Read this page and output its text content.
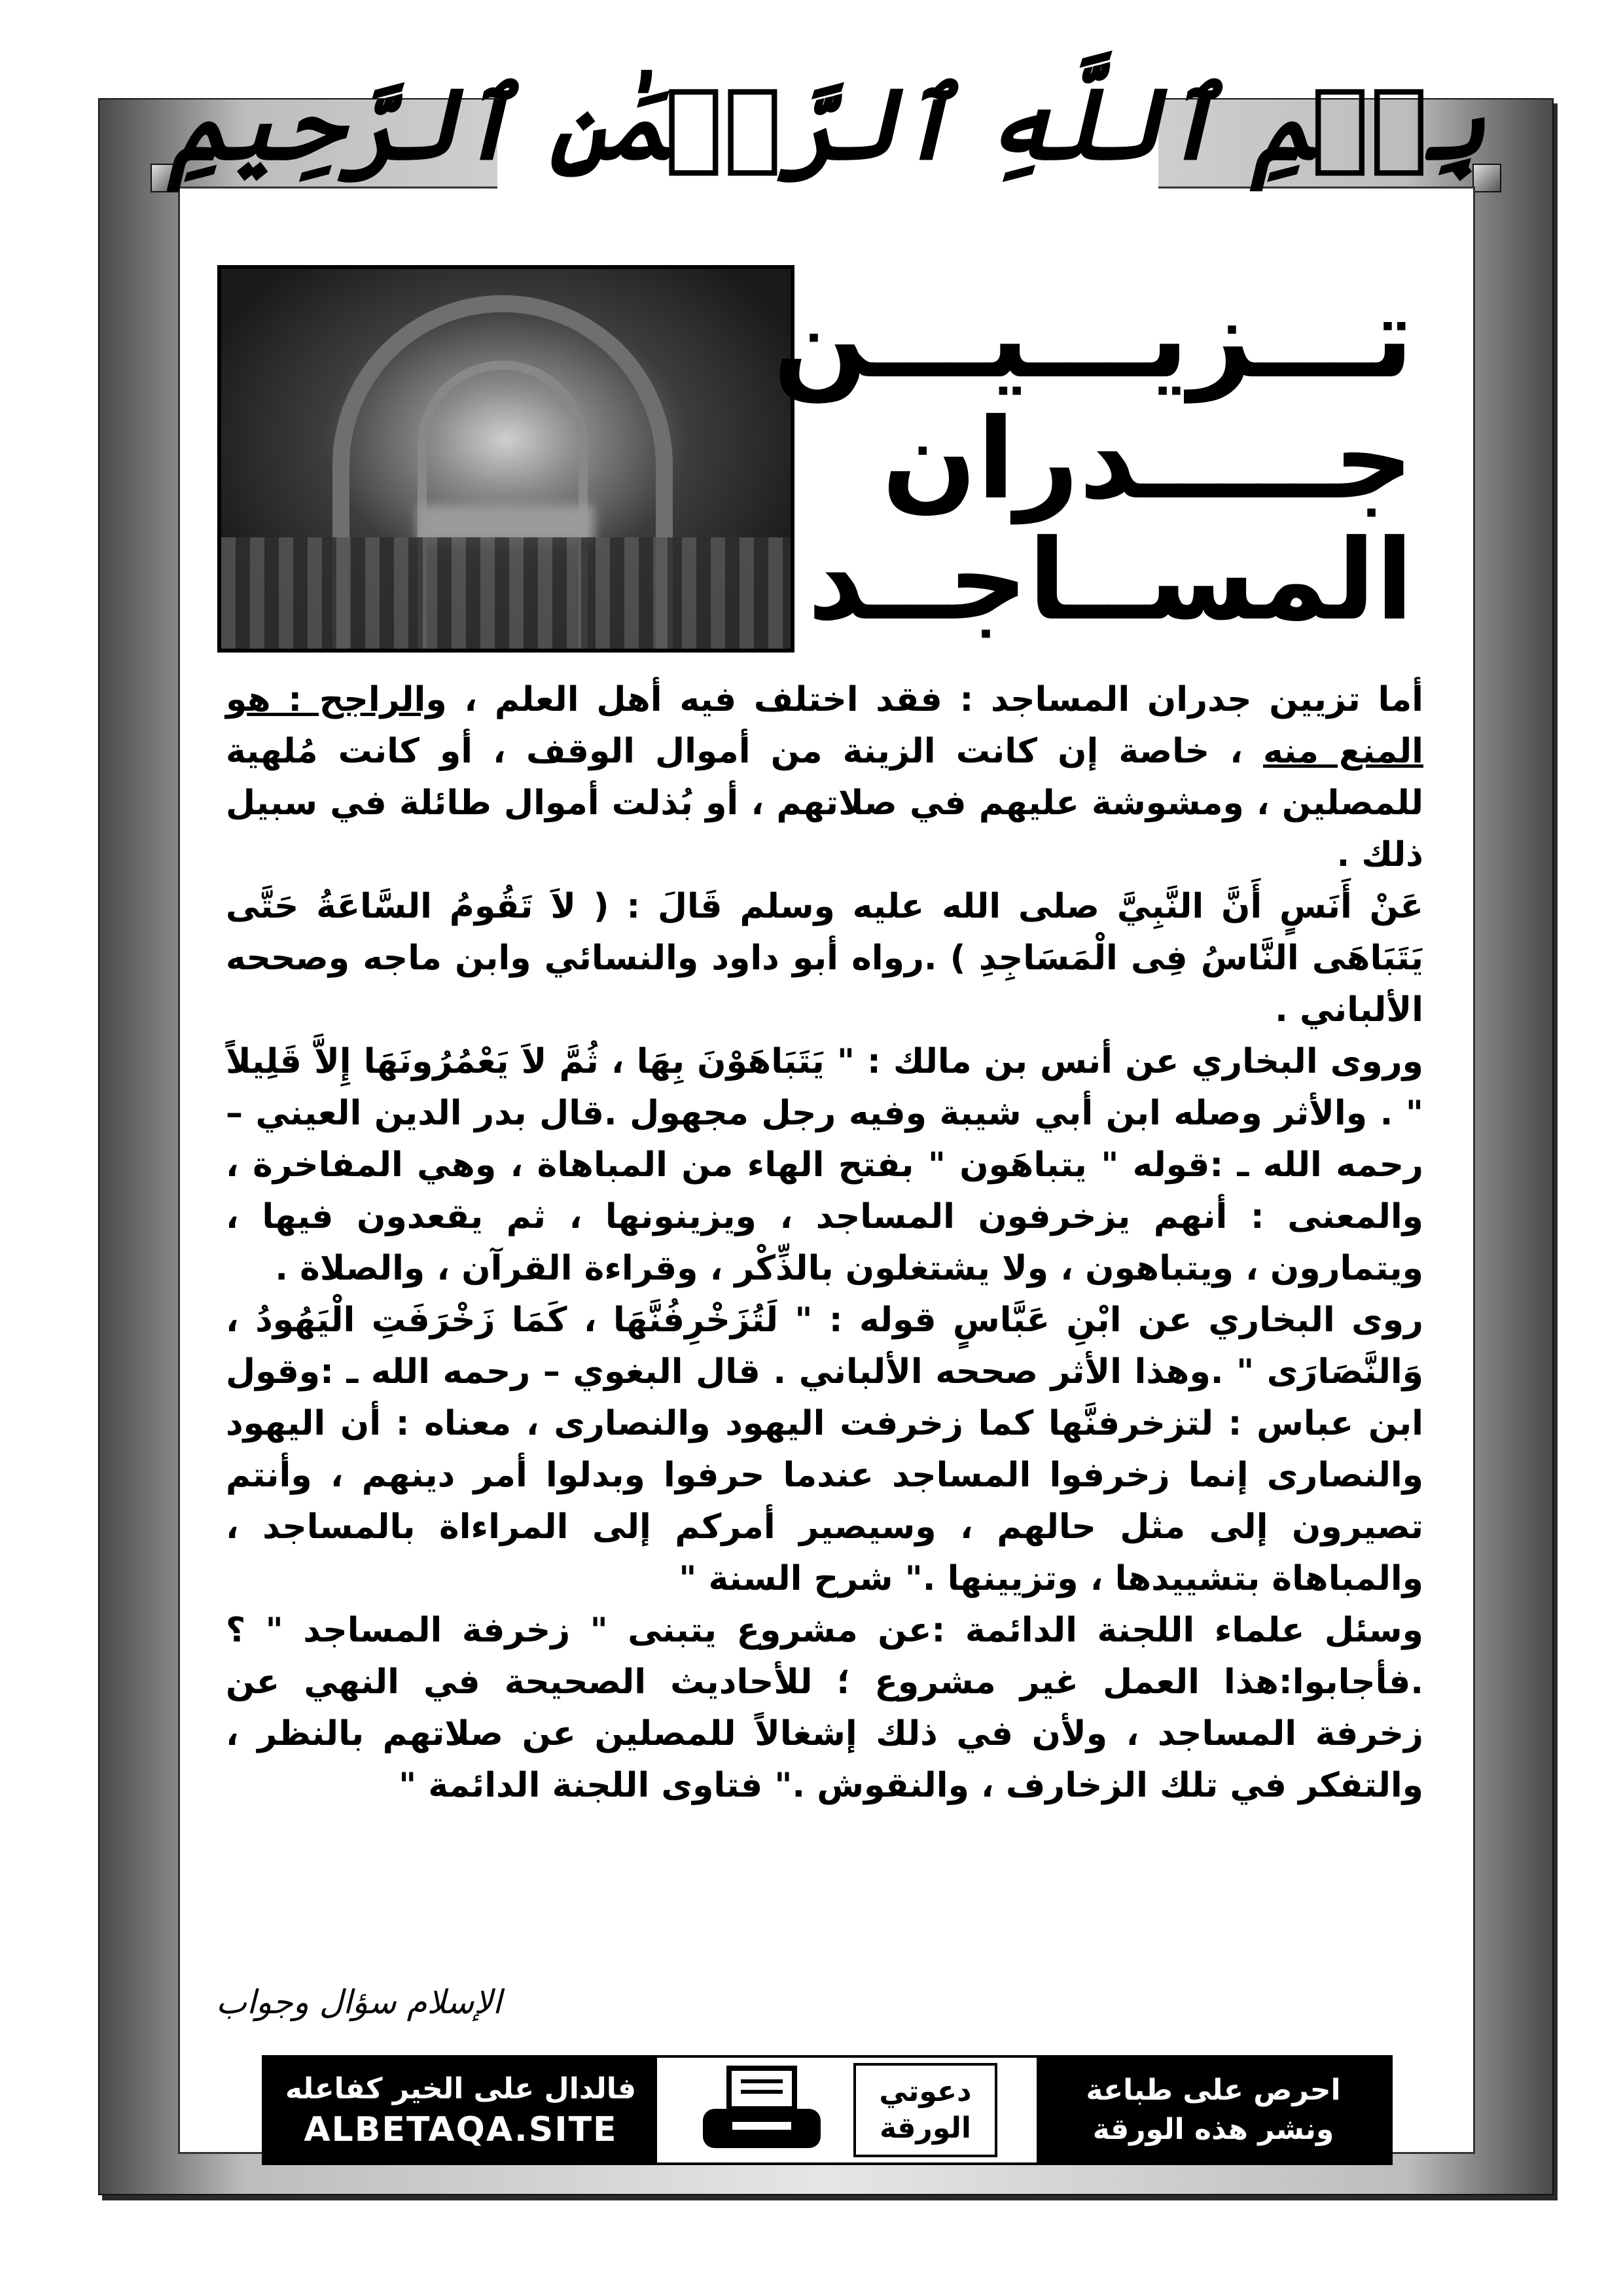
بِسۡمِ ٱللَّهِ ٱلرَّحۡمَٰنِ ٱلرَّحِيمِ
تـــزيـــيـــن
جـــــدران
المســاجــد

أما تزيين جدران المساجد : فقد اختلف فيه أهل العلم ، والراجح : هو المنع منه ، خاصة إن كانت الزينة من أموال الوقف ، أو كانت مُلهية للمصلين ، ومشوشة عليهم في صلاتهم ، أو بُذلت أموال طائلة في سبيل ذلك .

عَنْ أَنَسٍ أَنَّ النَّبِيَّ صلى الله عليه وسلم قَالَ : ( لاَ تَقُومُ السَّاعَةُ حَتَّى يَتَبَاهَى النَّاسُ فِى الْمَسَاجِدِ ) .رواه أبو داود والنسائي وابن ماجه وصححه الألباني .

وروى البخاري عن أنس بن مالك : " يَتَبَاهَوْنَ بِهَا ، ثُمَّ لاَ يَعْمُرُونَهَا إِلاَّ قَلِيلاً " . والأثر وصله ابن أبي شيبة وفيه رجل مجهول .قال بدر الدين العيني – رحمه الله ـ :قوله " يتباهَون " بفتح الهاء من المباهاة ، وهي المفاخرة ، والمعنى : أنهم يزخرفون المساجد ، ويزينونها ، ثم يقعدون فيها ، ويتمارون ، ويتباهون ، ولا يشتغلون بالذِّكْر ، وقراءة القرآن ، والصلاة .

روى البخاري عن ابْنِ عَبَّاسٍ قوله : " لَتُزَخْرِفُنَّهَا ، كَمَا زَخْرَفَتِ الْيَهُودُ ، وَالنَّصَارَى " .وهذا الأثر صححه الألباني . قال البغوي – رحمه الله ـ :وقول ابن عباس : لتزخرفنَّها كما زخرفت اليهود والنصارى ، معناه : أن اليهود والنصارى إنما زخرفوا المساجد عندما حرفوا وبدلوا أمر دينهم ، وأنتم تصيرون إلى مثل حالهم ، وسيصير أمركم إلى المراءاة بالمساجد ، والمباهاة بتشييدها ، وتزيينها ." شرح السنة "

وسئل علماء اللجنة الدائمة :عن مشروع يتبنى " زخرفة المساجد " ؟ .فأجابوا:هذا العمل غير مشروع ؛ للأحاديث الصحيحة في النهي عن زخرفة المساجد ، ولأن في ذلك إشغالاً للمصلين عن صلاتهم بالنظر ، والتفكر في تلك الزخارف ، والنقوش ." فتاوى اللجنة الدائمة "

الإسلام سؤال وجواب
فالدال على الخير كفاعله
ALBETAQA.SITE
دعوتي
الورقة
احرص على طباعة
ونشر هذه الورقة
